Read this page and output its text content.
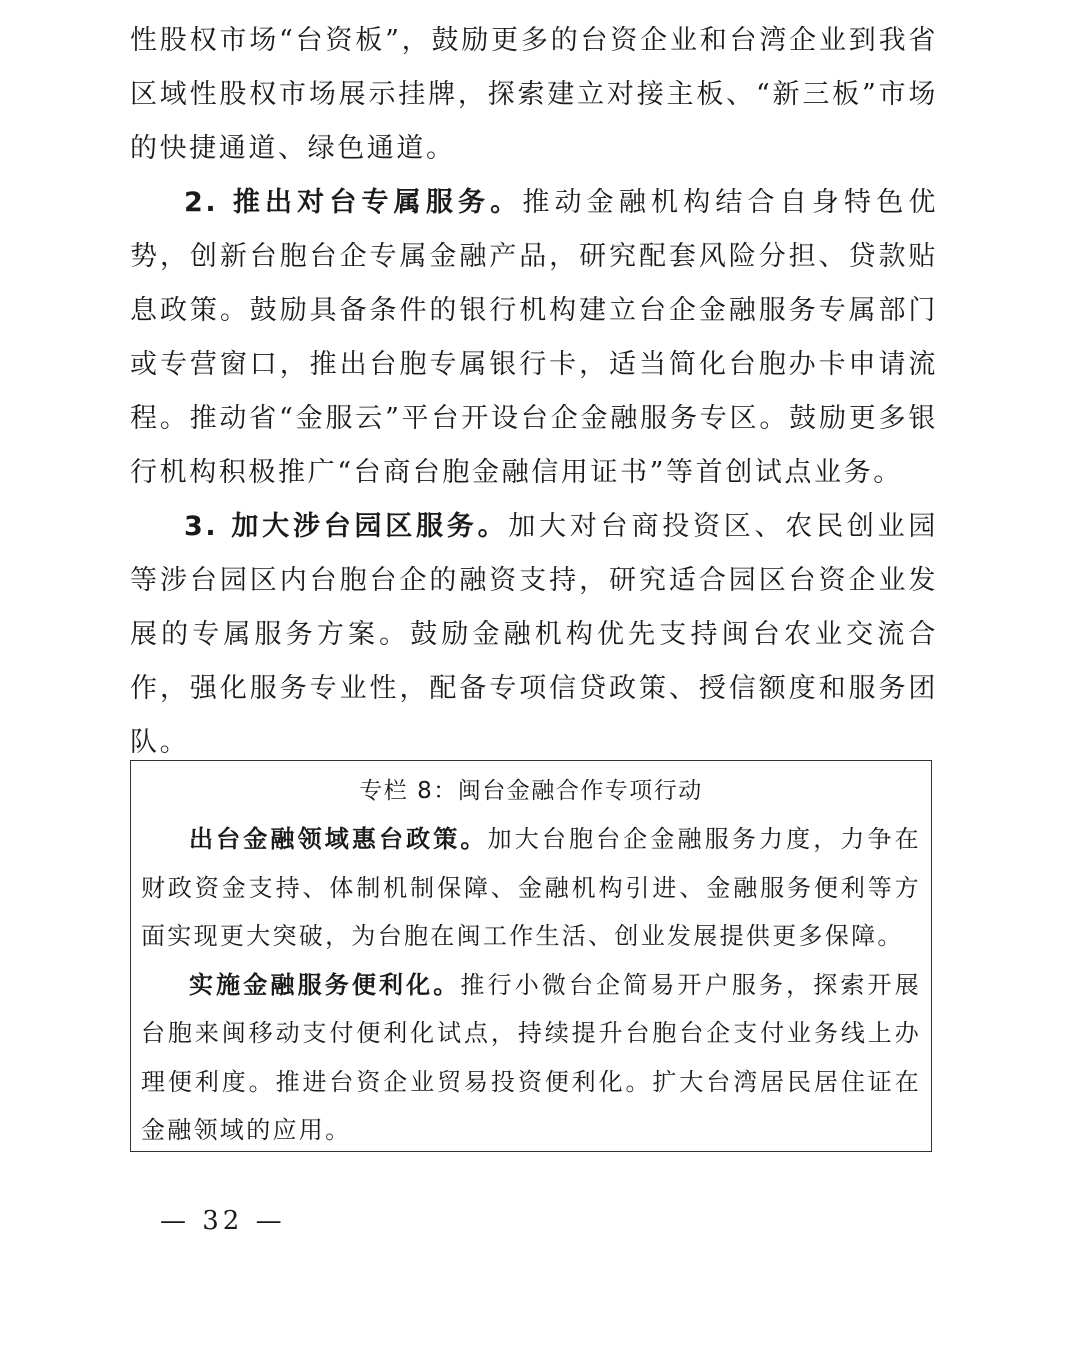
性股权市场“台资板”，鼓励更多的台资企业和台湾企业到我省区域性股权市场展示挂牌，探索建立对接主板、“新三板”市场的快捷通道、绿色通道。

2. 推出对台专属服务。推动金融机构结合自身特色优势，创新台胞台企专属金融产品，研究配套风险分担、贷款贴息政策。鼓励具备条件的银行机构建立台企金融服务专属部门或专营窗口，推出台胞专属银行卡，适当简化台胞办卡申请流程。推动省“金服云”平台开设台企金融服务专区。鼓励更多银行机构积极推广“台商台胞金融信用证书”等首创试点业务。

3. 加大涉台园区服务。加大对台商投资区、农民创业园等涉台园区内台胞台企的融资支持，研究适合园区台资企业发展的专属服务方案。鼓励金融机构优先支持闽台农业交流合作，强化服务专业性，配备专项信贷政策、授信额度和服务团队。

专栏 8：闽台金融合作专项行动

出台金融领域惠台政策。加大台胞台企金融服务力度，力争在财政资金支持、体制机制保障、金融机构引进、金融服务便利等方面实现更大突破，为台胞在闽工作生活、创业发展提供更多保障。

实施金融服务便利化。推行小微台企简易开户服务，探索开展台胞来闽移动支付便利化试点，持续提升台胞台企支付业务线上办理便利度。推进台资企业贸易投资便利化。扩大台湾居民居住证在金融领域的应用。

— 32 —
